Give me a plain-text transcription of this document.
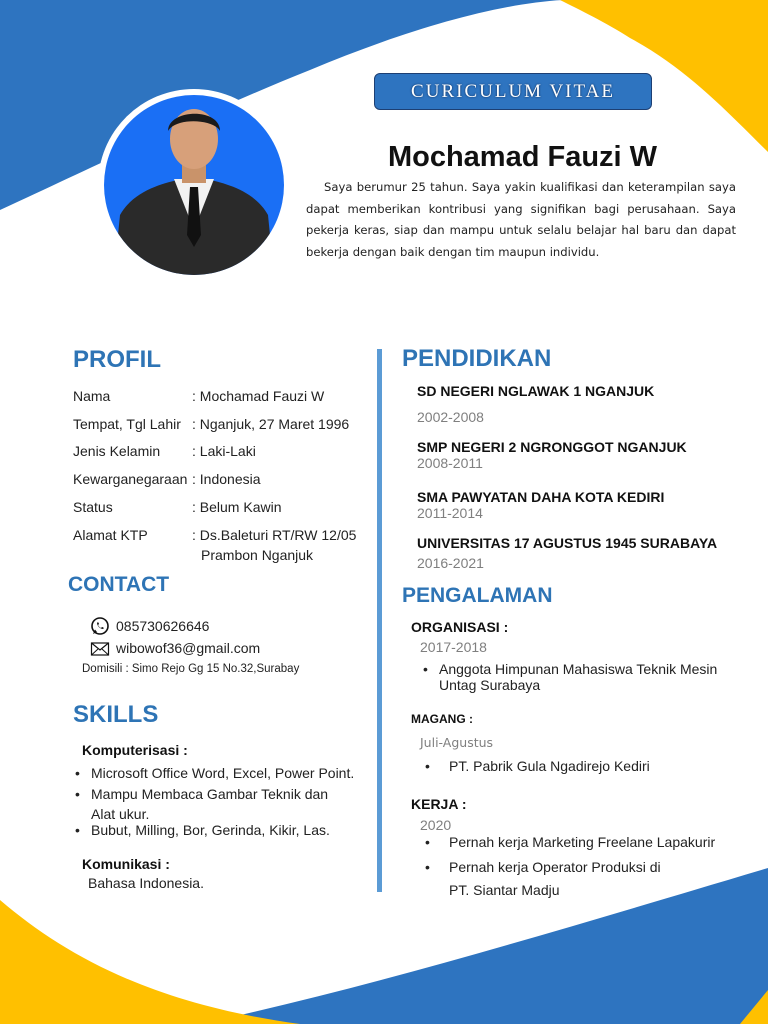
CURICULUM VITAE
Mochamad Fauzi W
Saya berumur 25 tahun. Saya yakin kualifikasi dan keterampilan saya dapat memberikan kontribusi yang signifikan bagi perusahaan. Saya pekerja keras, siap dan mampu untuk selalu belajar hal baru dan dapat bekerja dengan baik dengan tim maupun individu.
PROFIL
Nama	: Mochamad Fauzi W
Tempat, Tgl Lahir : Nganjuk, 27 Maret 1996
Jenis Kelamin : Laki-Laki
Kewarganegaraan : Indonesia
Status	: Belum Kawin
Alamat KTP	: Ds.Baleturi RT/RW 12/05
Prambon Nganjuk
CONTACT
085730626646
wibowof36@gmail.com
Domisili : Simo Rejo Gg 15 No.32,Surabay
SKILLS
Komputerisasi :
• Microsoft Office Word, Excel, Power Point.
• Mampu Membaca Gambar Teknik dan
Alat ukur.
• Bubut, Milling, Bor, Gerinda, Kikir, Las.
Komunikasi :
Bahasa Indonesia.
PENDIDIKAN
SD NEGERI NGLAWAK 1 NGANJUK
2002-2008
SMP NEGERI 2 NGRONGGOT NGANJUK
2008-2011
SMA PAWYATAN DAHA KOTA KEDIRI
2011-2014
UNIVERSITAS 17 AGUSTUS 1945 SURABAYA
2016-2021
PENGALAMAN
ORGANISASI :
2017-2018
• Anggota Himpunan Mahasiswa Teknik Mesin
Untag Surabaya
MAGANG :
Juli-Agustus
• PT. Pabrik Gula Ngadirejo Kediri
KERJA :
2020
• Pernah kerja Marketing Freelane Lapakurir
• Pernah kerja Operator Produksi di
PT. Siantar Madju
